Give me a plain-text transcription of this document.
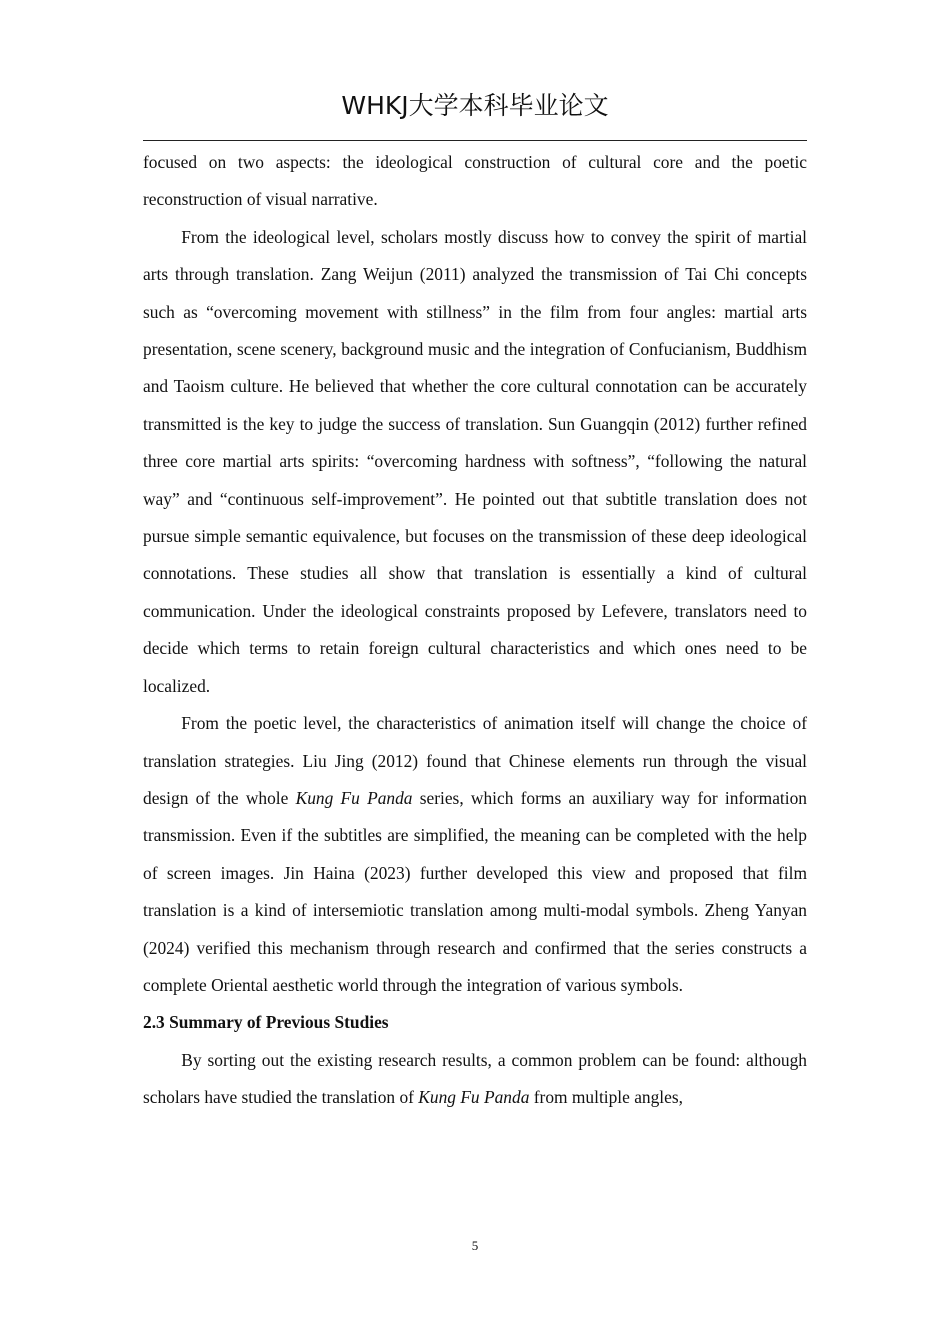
WHKJ大学本科毕业论文

focused on two aspects: the ideological construction of cultural core and the poetic reconstruction of visual narrative.

From the ideological level, scholars mostly discuss how to convey the spirit of martial arts through translation. Zang Weijun (2011) analyzed the transmission of Tai Chi concepts such as “overcoming movement with stillness” in the film from four angles: martial arts presentation, scene scenery, background music and the integration of Confucianism, Buddhism and Taoism culture. He believed that whether the core cultural connotation can be accurately transmitted is the key to judge the success of translation. Sun Guangqin (2012) further refined three core martial arts spirits: “overcoming hardness with softness”, “following the natural way” and “continuous self-improvement”. He pointed out that subtitle translation does not pursue simple semantic equivalence, but focuses on the transmission of these deep ideological connotations. These studies all show that translation is essentially a kind of cultural communication. Under the ideological constraints proposed by Lefevere, translators need to decide which terms to retain foreign cultural characteristics and which ones need to be localized.

From the poetic level, the characteristics of animation itself will change the choice of translation strategies. Liu Jing (2012) found that Chinese elements run through the visual design of the whole Kung Fu Panda series, which forms an auxiliary way for information transmission. Even if the subtitles are simplified, the meaning can be completed with the help of screen images. Jin Haina (2023) further developed this view and proposed that film translation is a kind of intersemiotic translation among multi-modal symbols. Zheng Yanyan (2024) verified this mechanism through research and confirmed that the series constructs a complete Oriental aesthetic world through the integration of various symbols.

2.3 Summary of Previous Studies

By sorting out the existing research results, a common problem can be found: although scholars have studied the translation of Kung Fu Panda from multiple angles,

5
